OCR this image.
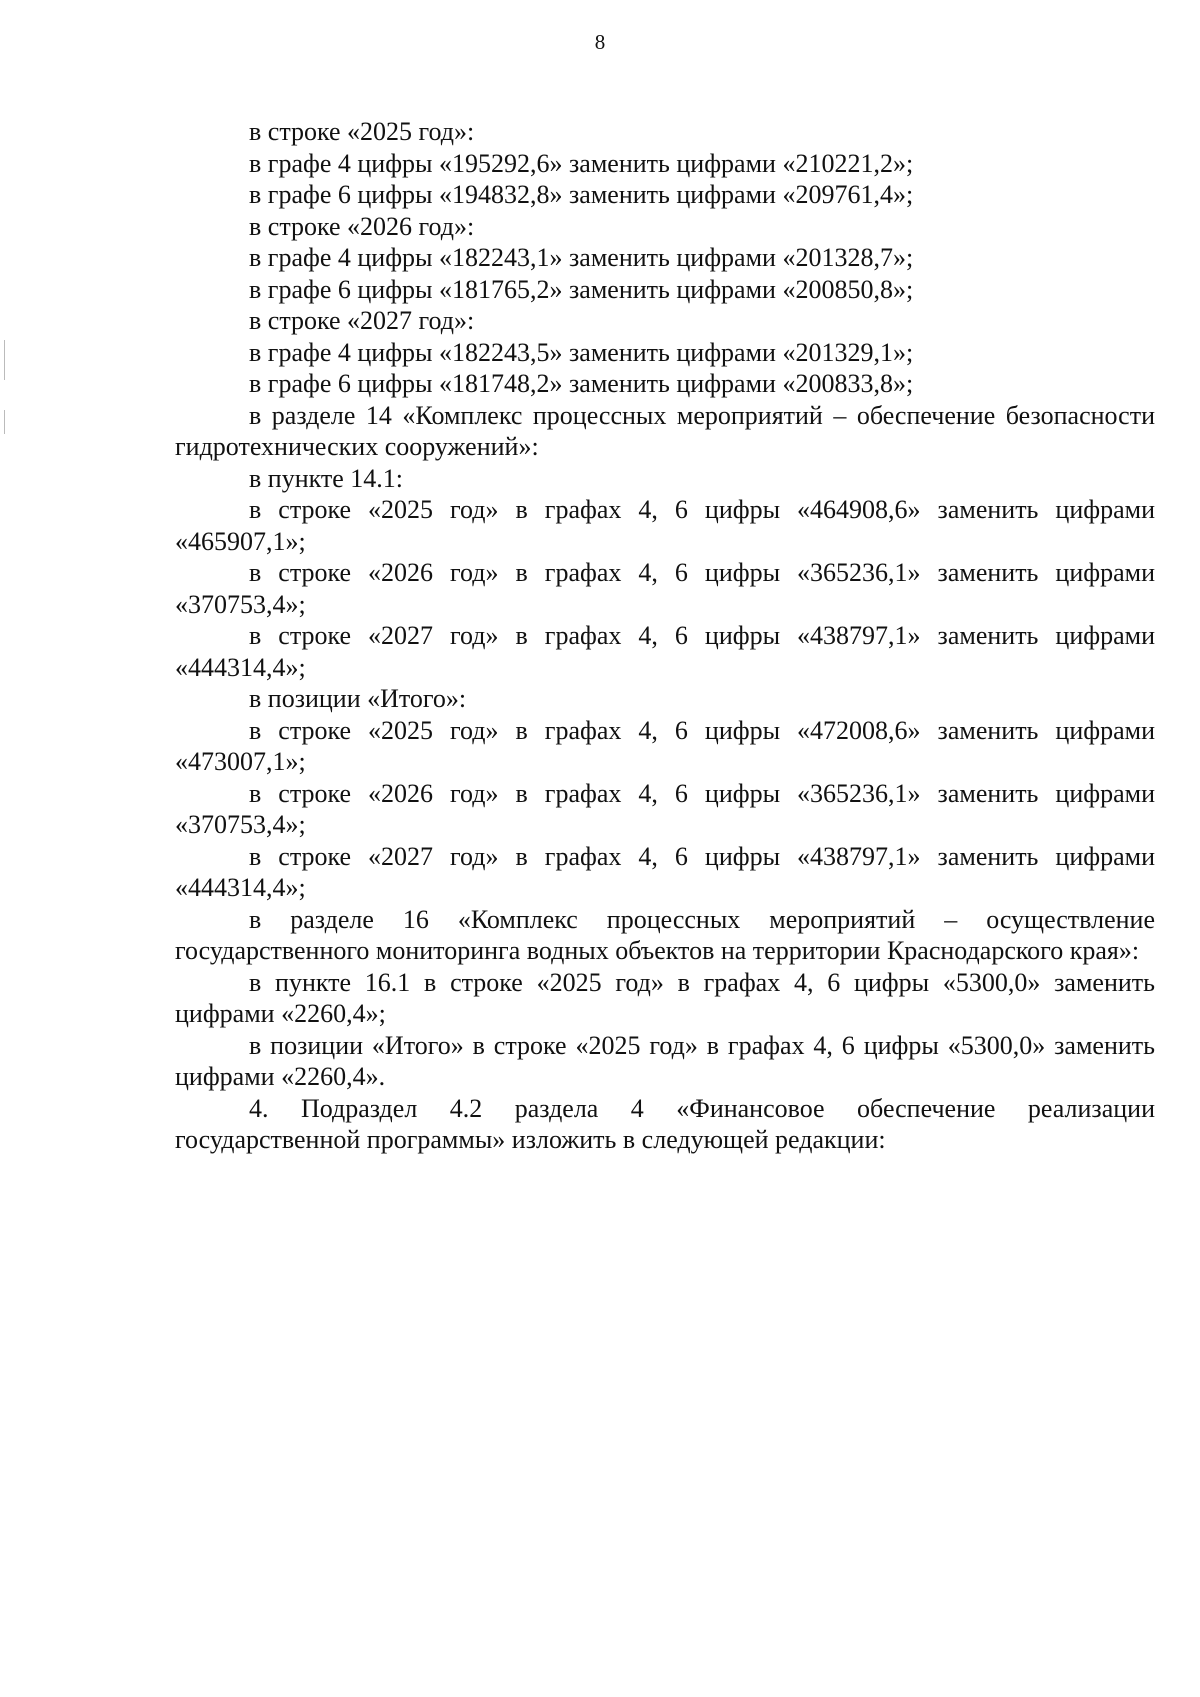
8

в строке «2025 год»:

в графе 4 цифры «195292,6» заменить цифрами «210221,2»;

в графе 6 цифры «194832,8» заменить цифрами «209761,4»;

в строке «2026 год»:

в графе 4 цифры «182243,1» заменить цифрами «201328,7»;

в графе 6 цифры «181765,2» заменить цифрами «200850,8»;

в строке «2027 год»:

в графе 4 цифры «182243,5» заменить цифрами «201329,1»;

в графе 6 цифры «181748,2» заменить цифрами «200833,8»;

в разделе 14 «Комплекс процессных мероприятий – обеспечение безопасности гидротехнических сооружений»:

в пункте 14.1:

в строке «2025 год» в графах 4, 6 цифры «464908,6» заменить цифрами «465907,1»;

в строке «2026 год» в графах 4, 6 цифры «365236,1» заменить цифрами «370753,4»;

в строке «2027 год» в графах 4, 6 цифры «438797,1» заменить цифрами «444314,4»;

в позиции «Итого»:

в строке «2025 год» в графах 4, 6 цифры «472008,6» заменить цифрами «473007,1»;

в строке «2026 год» в графах 4, 6 цифры «365236,1» заменить цифрами «370753,4»;

в строке «2027 год» в графах 4, 6 цифры «438797,1» заменить цифрами «444314,4»;

в разделе 16 «Комплекс процессных мероприятий – осуществление государственного мониторинга водных объектов на территории Краснодарского края»:

в пункте 16.1 в строке «2025 год» в графах 4, 6 цифры «5300,0» заменить цифрами «2260,4»;

в позиции «Итого» в строке «2025 год» в графах 4, 6 цифры «5300,0» заменить цифрами «2260,4».

4. Подраздел 4.2 раздела 4 «Финансовое обеспечение реализации государственной программы» изложить в следующей редакции:
